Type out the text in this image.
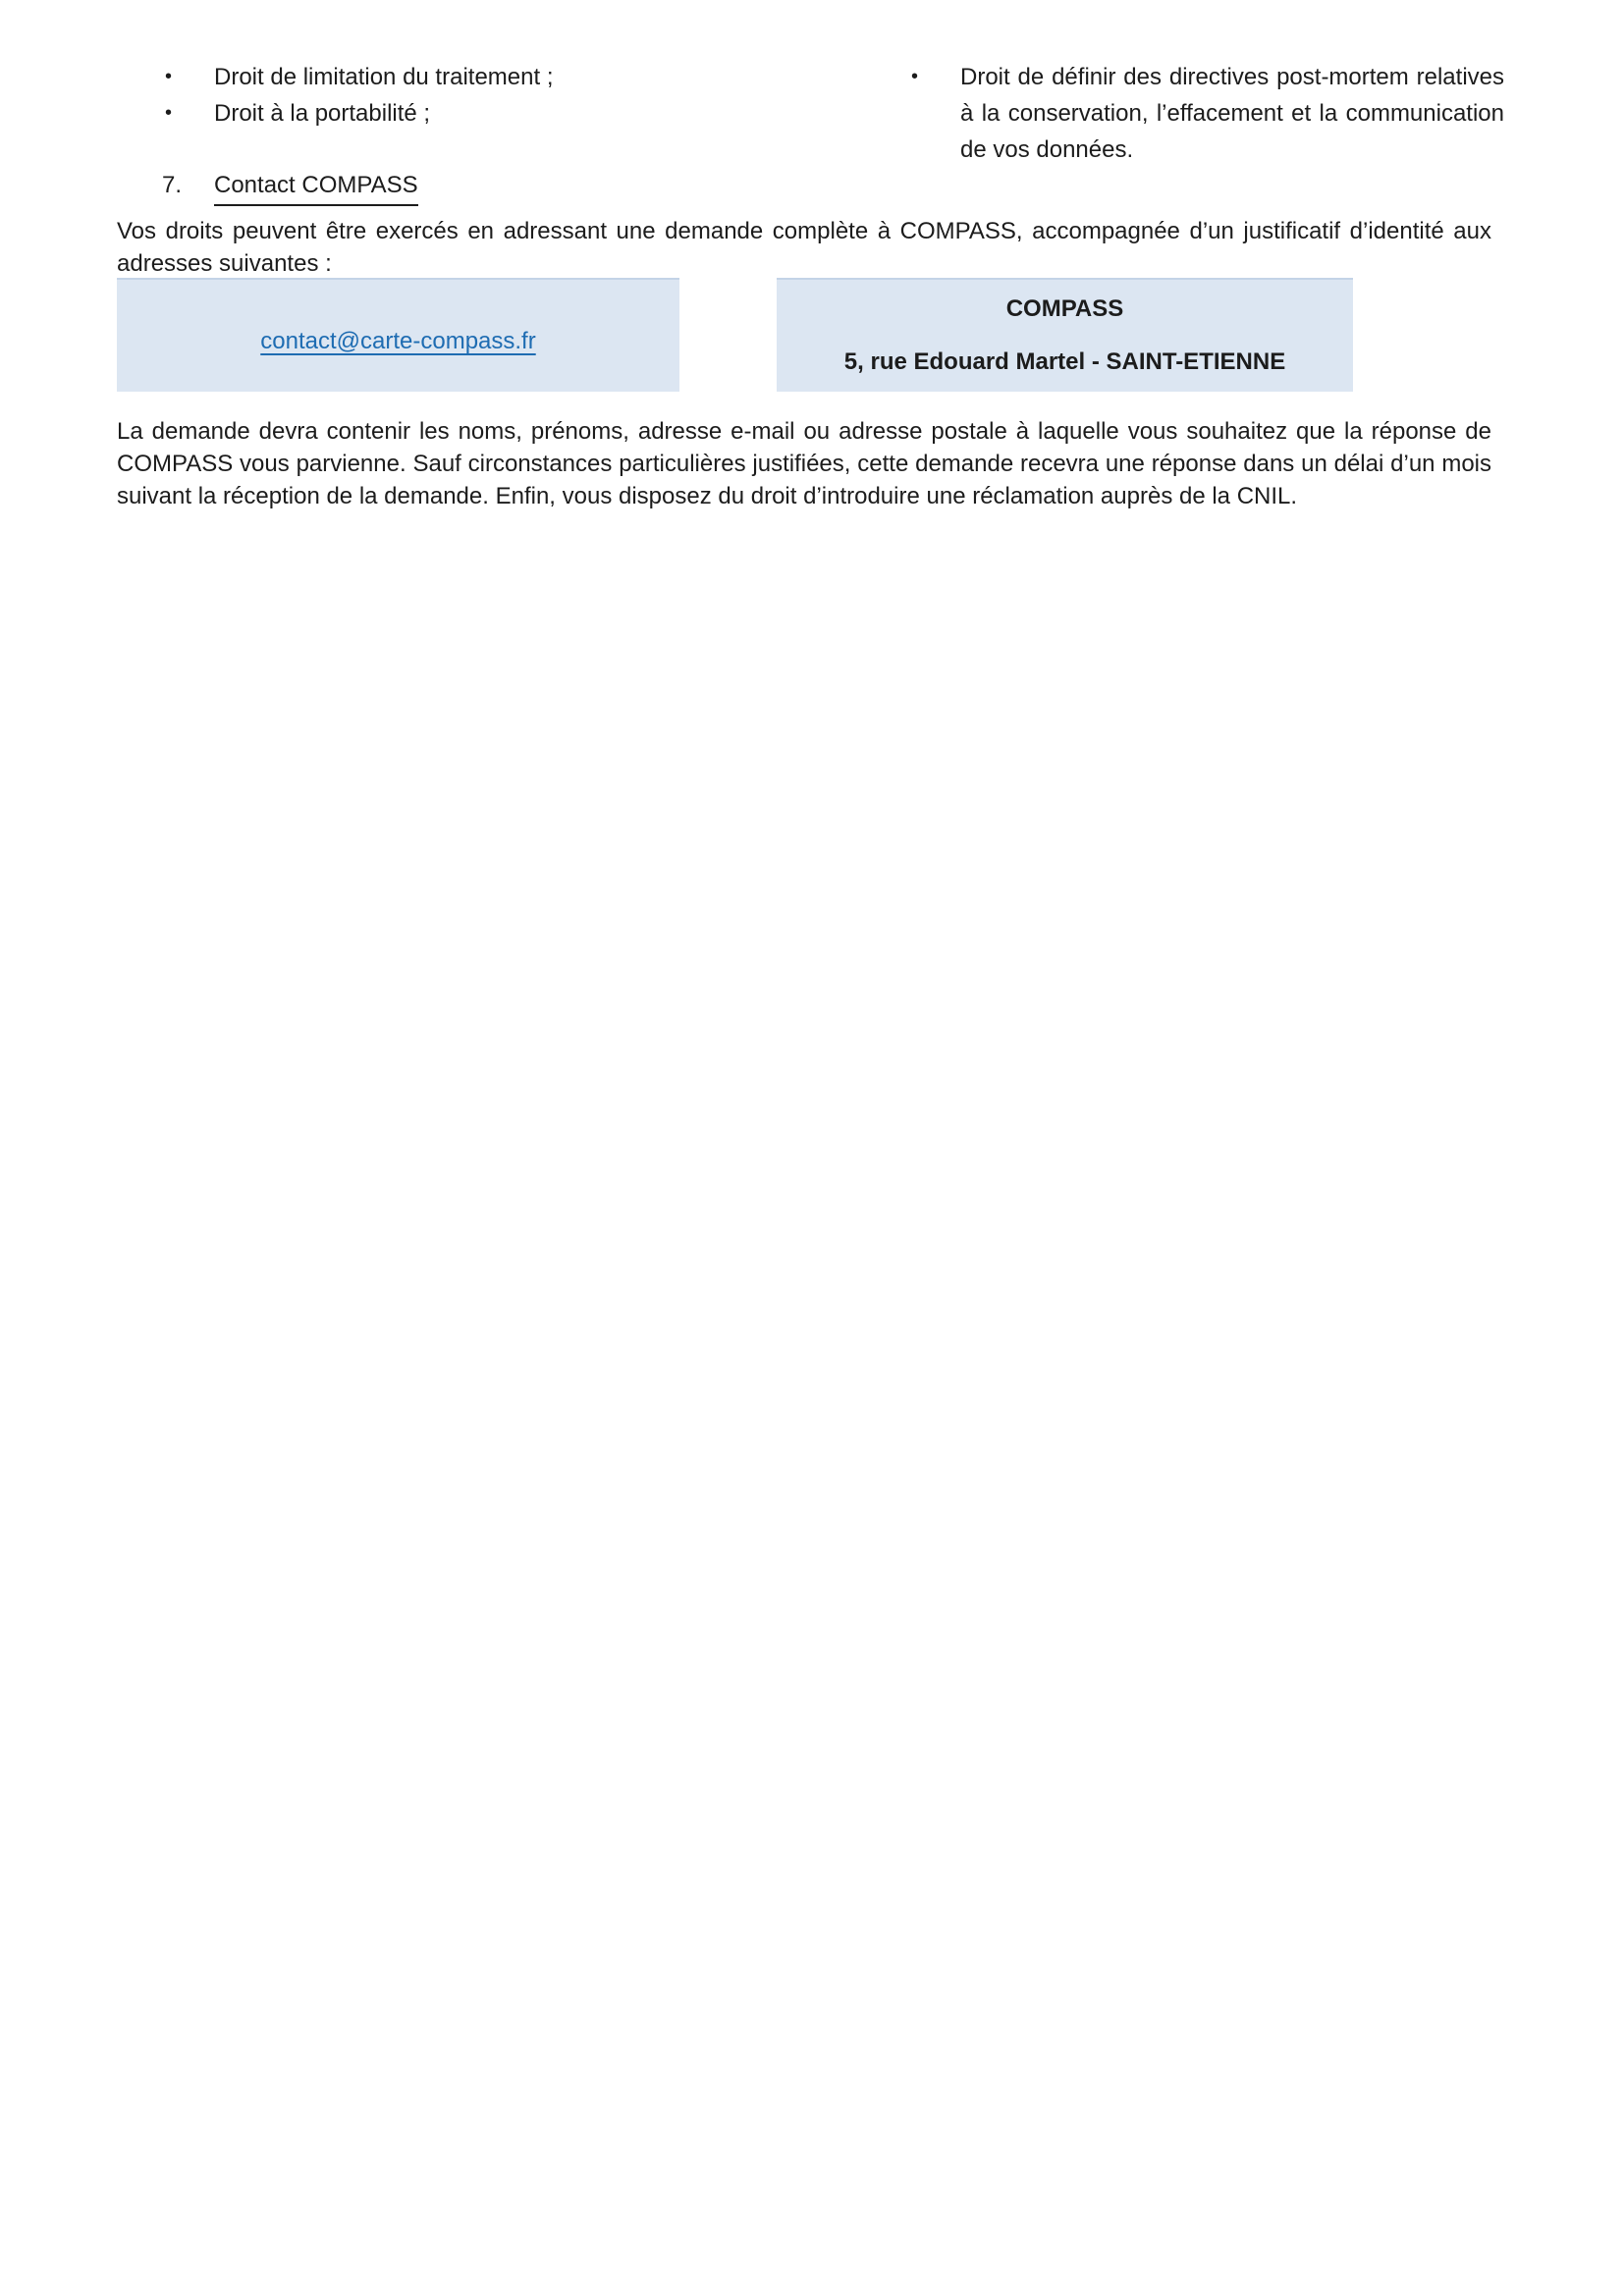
•	Droit de limitation du traitement ;
•	Droit à la portabilité ;
•	Droit de définir des directives post-mortem relatives à la conservation, l’effacement et la communication de vos données.
7.	Contact COMPASS
Vos droits peuvent être exercés en adressant une demande complète à COMPASS, accompagnée d’un justificatif d’identité aux adresses suivantes :
contact@carte-compass.fr
COMPASS
5, rue Edouard Martel - SAINT-ETIENNE
La demande devra contenir les noms, prénoms, adresse e-mail ou adresse postale à laquelle vous souhaitez que la réponse de COMPASS vous parvienne. Sauf circonstances particulières justifiées, cette demande recevra une réponse dans un délai d’un mois suivant la réception de la demande. Enfin, vous disposez du droit d’introduire une réclamation auprès de la CNIL.
